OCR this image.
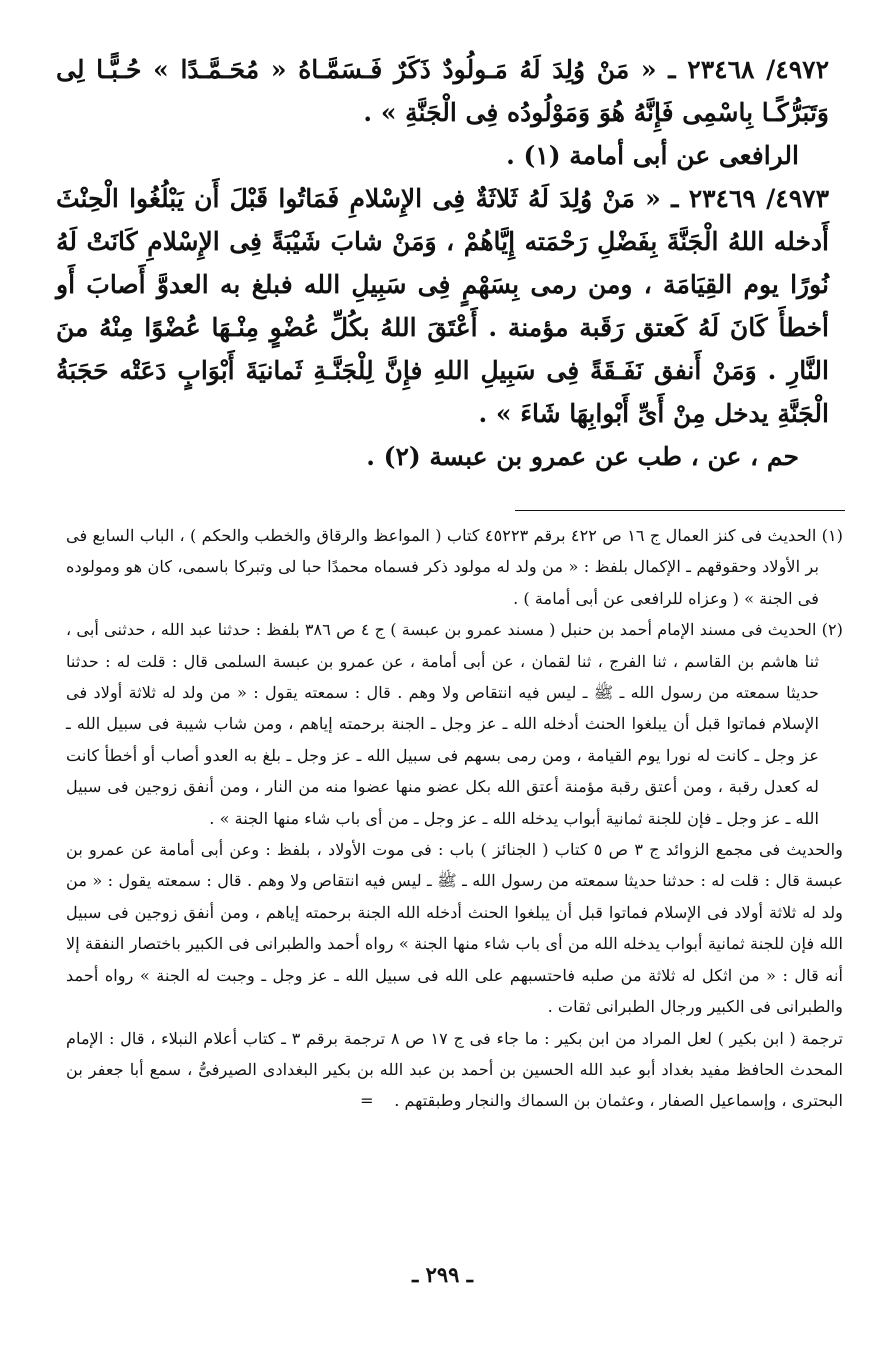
٤٩٧٢/ ٢٣٤٦٨ ـ « مَنْ وُلِدَ لَهُ مَـولُودٌ ذَكَرٌ فَـسَمَّـاهُ « مُحَـمَّـدًا » حُـبًّـا لِى وَتَبَرُّكًـا بِاسْمِى فَإِنَّهُ هُوَ وَمَوْلُودُه فِى الْجَنَّةِ » .

الرافعى عن أبى أمامة (١) .

٤٩٧٣/ ٢٣٤٦٩ ـ « مَنْ وُلِدَ لَهُ ثَلاثَةٌ فِى الإِسْلامِ فَمَاتُوا قَبْلَ أَن يَبْلُغُوا الْحِنْثَ أَدخله اللهُ الْجَنَّةَ بِفَضْلِ رَحْمَته إِيَّاهُمْ ، وَمَنْ شابَ شَيْبَةً فِى الإِسْلامِ كَانَتْ لَهُ نُورًا يوم القِيَامَة ، ومن رمى بِسَهْمٍ فِى سَبِيلِ الله فبلغ به العدوَّ أَصابَ أَو أخطأَ كَانَ لَهُ كَعتق رَقَبة مؤمنة . أَعْتَقَ اللهُ بكُلِّ عُضْوٍ مِنْـهَا عُضْوًا مِنْهُ منَ النَّارِ . وَمَنْ أَنفق نَفَـقَةً فِى سَبِيلِ اللهِ فإِنَّ لِلْجَنَّـةِ ثَمانيَةَ أَبْوَابٍ دَعَتْه حَجَبَةُ الْجَنَّةِ يدخل مِنْ أَىِّ أَبْوابِهَا شَاءَ » .

حم ، عن ، طب عن عمرو بن عبسة (٢) .

(١) الحديث فى كنز العمال ج ١٦ ص ٤٢٢ برقم ٤٥٢٢٣ كتاب ( المواعظ والرقاق والخطب والحكم ) ، الباب السابع فى بر الأولاد وحقوقهم ـ الإكمال بلفظ : « من ولد له مولود ذكر فسماه محمدًا حبا لى وتبركا باسمى، كان هو ومولوده فى الجنة » ( وعزاه للرافعى عن أبى أمامة ) .

(٢) الحديث فى مسند الإمام أحمد بن حنبل ( مسند عمرو بن عبسة ) ج ٤ ص ٣٨٦ بلفظ : حدثنا عبد الله ، حدثنى أبى ، ثنا هاشم بن القاسم ، ثنا الفرج ، ثنا لقمان ، عن أبى أمامة ، عن عمرو بن عبسة السلمى قال : قلت له : حدثنا حديثا سمعته من رسول الله ـ ﷺ ـ ليس فيه انتقاص ولا وهم . قال : سمعته يقول : « من ولد له ثلاثة أولاد فى الإسلام فماتوا قبل أن يبلغوا الحنث أدخله الله ـ عز وجل ـ الجنة برحمته إياهم ، ومن شاب شيبة فى سبيل الله ـ عز وجل ـ كانت له نورا يوم القيامة ، ومن رمى بسهم فى سبيل الله ـ عز وجل ـ بلغ به العدو أصاب أو أخطأ كانت له كعدل رقبة ، ومن أعتق رقبة مؤمنة أعتق الله بكل عضو منها عضوا منه من النار ، ومن أنفق زوجين فى سبيل الله ـ عز وجل ـ فإن للجنة ثمانية أبواب يدخله الله ـ عز وجل ـ من أى باب شاء منها الجنة » .

والحديث فى مجمع الزوائد ج ٣ ص ٥ كتاب ( الجنائز ) باب : فى موت الأولاد ، بلفظ : وعن أبى أمامة عن عمرو بن عبسة قال : قلت له : حدثنا حديثا سمعته من رسول الله ـ ﷺ ـ ليس فيه انتقاص ولا وهم . قال : سمعته يقول : « من ولد له ثلاثة أولاد فى الإسلام فماتوا قبل أن يبلغوا الحنث أدخله الله الجنة برحمته إياهم ، ومن أنفق زوجين فى سبيل الله فإن للجنة ثمانية أبواب يدخله الله من أى باب شاء منها الجنة » رواه أحمد والطبرانى فى الكبير باختصار النفقة إلا أنه قال : « من اثكل له ثلاثة من صلبه فاحتسبهم على الله فى سبيل الله ـ عز وجل ـ وجبت له الجنة » رواه أحمد والطبرانى فى الكبير ورجال الطبرانى ثقات .

ترجمة ( ابن بكير ) لعل المراد من ابن بكير : ما جاء فى ج ١٧ ص ٨ ترجمة برقم ٣ ـ كتاب أعلام النبلاء ، قال : الإمام المحدث الحافظ مفيد بغداد أبو عبد الله الحسين بن أحمد بن عبد الله بن بكير البغدادى الصيرفىُّ ، سمع أبا جعفر بن البحترى ، وإسماعيل الصفار ، وعثمان بن السماك والنجار وطبقتهم .    =

ـ ٢٩٩ ـ
